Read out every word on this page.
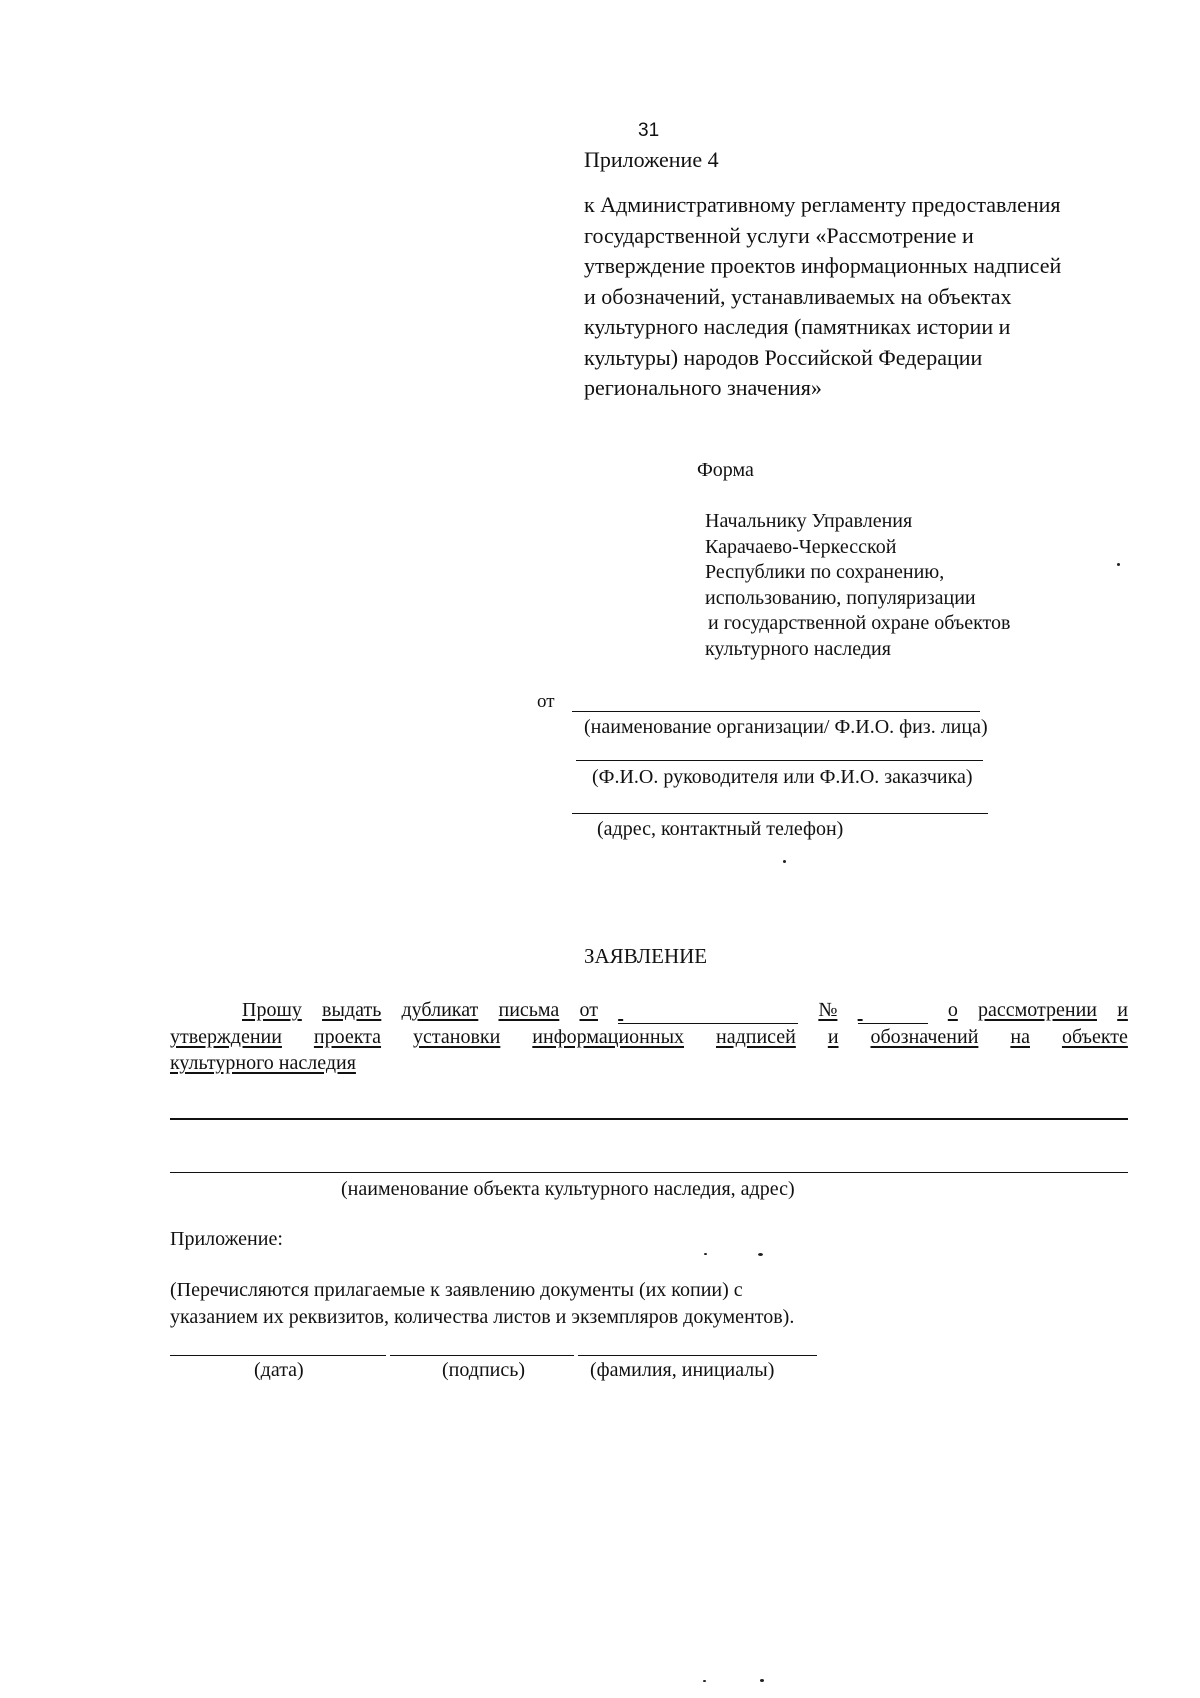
31
Приложение 4
к Административному регламенту предоставления
государственной услуги «Рассмотрение и
утверждение проектов информационных надписей
и обозначений, устанавливаемых на объектах
культурного наследия (памятниках истории и
культуры) народов Российской Федерации
регионального значения»
Форма
Начальнику Управления
Карачаево-Черкесской
Республики по сохранению,
использованию, популяризации
и государственной охране объектов
культурного наследия
от
(наименование организации/ Ф.И.О. физ. лица)
(Ф.И.О. руководителя или Ф.И.О. заказчика)
(адрес, контактный телефон)
ЗАЯВЛЕНИЕ
Прошу выдать дубликат письма от
	№
	о рассмотрении и
утверждении проекта установки информационных надписей и обозначений на объекте
культурного наследия
(наименование объекта культурного наследия, адрес)
Приложение:
(Перечисляются прилагаемые к заявлению документы (их копии) с
указанием их реквизитов, количества листов и экземпляров документов).
(дата)	(подпись)	(фамилия, инициалы)
